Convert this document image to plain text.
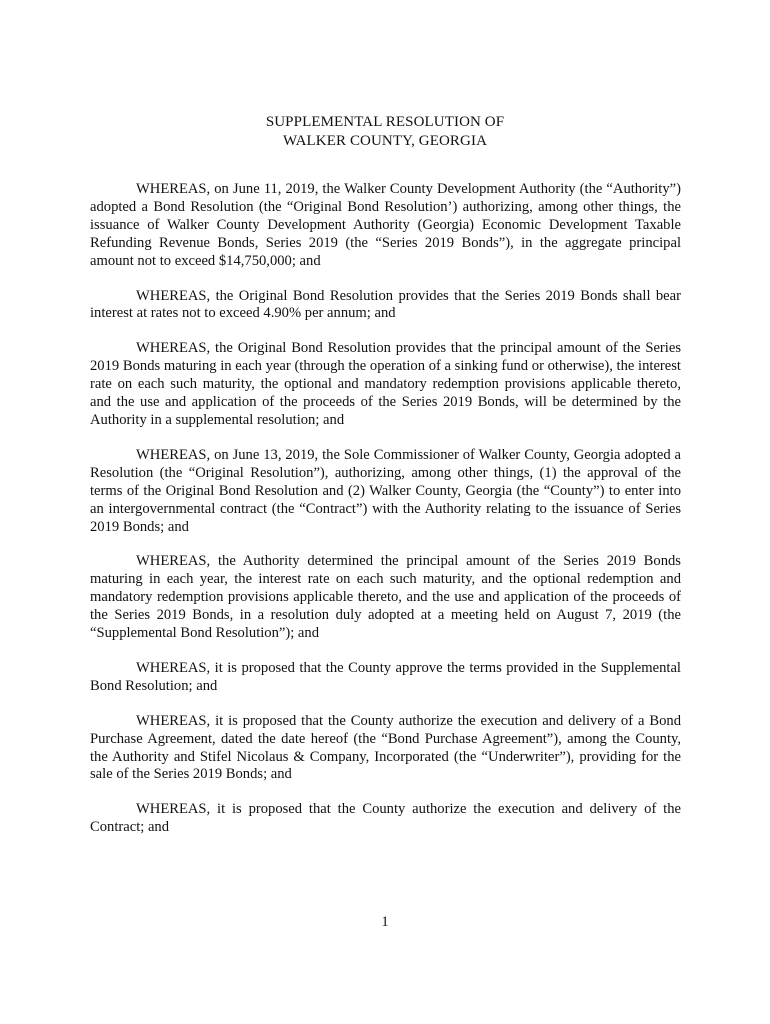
SUPPLEMENTAL RESOLUTION OF
WALKER COUNTY, GEORGIA

WHEREAS, on June 11, 2019, the Walker County Development Authority (the “Authority”) adopted a Bond Resolution (the “Original Bond Resolution’) authorizing, among other things, the issuance of Walker County Development Authority (Georgia) Economic Development Taxable Refunding Revenue Bonds, Series 2019 (the “Series 2019 Bonds”), in the aggregate principal amount not to exceed $14,750,000; and

WHEREAS, the Original Bond Resolution provides that the Series 2019 Bonds shall bear interest at rates not to exceed 4.90% per annum; and

WHEREAS, the Original Bond Resolution provides that the principal amount of the Series 2019 Bonds maturing in each year (through the operation of a sinking fund or otherwise), the interest rate on each such maturity, the optional and mandatory redemption provisions applicable thereto, and the use and application of the proceeds of the Series 2019 Bonds, will be determined by the Authority in a supplemental resolution; and

WHEREAS, on June 13, 2019, the Sole Commissioner of Walker County, Georgia adopted a Resolution (the “Original Resolution”), authorizing, among other things, (1) the approval of the terms of the Original Bond Resolution and (2) Walker County, Georgia (the “County”) to enter into an intergovernmental contract (the “Contract”) with the Authority relating to the issuance of Series 2019 Bonds; and

WHEREAS, the Authority determined the principal amount of the Series 2019 Bonds maturing in each year, the interest rate on each such maturity, and the optional redemption and mandatory redemption provisions applicable thereto, and the use and application of the proceeds of the Series 2019 Bonds, in a resolution duly adopted at a meeting held on August 7, 2019 (the “Supplemental Bond Resolution”); and

WHEREAS, it is proposed that the County approve the terms provided in the Supplemental Bond Resolution; and

WHEREAS, it is proposed that the County authorize the execution and delivery of a Bond Purchase Agreement, dated the date hereof (the “Bond Purchase Agreement”), among the County, the Authority and Stifel Nicolaus & Company, Incorporated (the “Underwriter”), providing for the sale of the Series 2019 Bonds; and

WHEREAS, it is proposed that the County authorize the execution and delivery of the Contract; and

1
